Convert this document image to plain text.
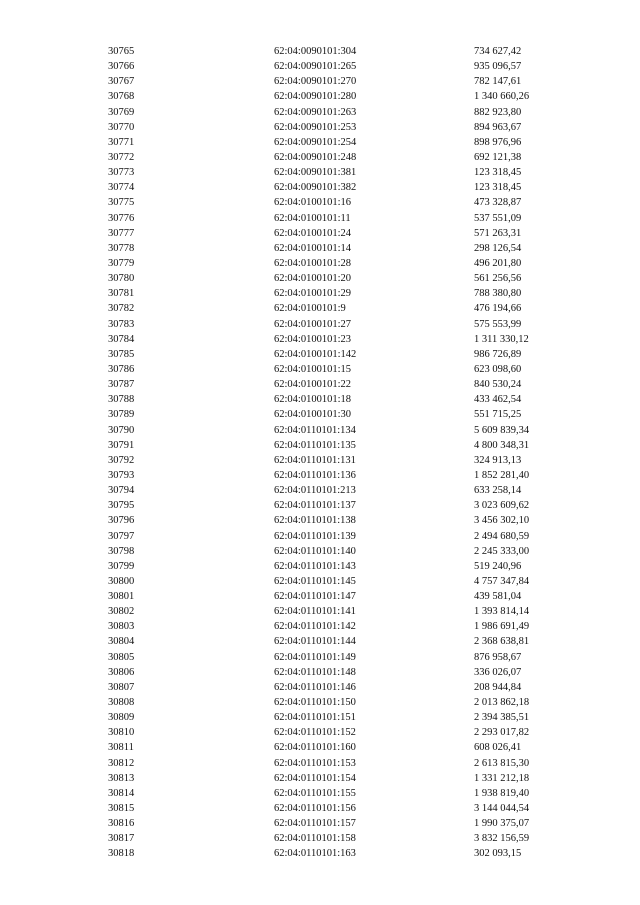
30765	62:04:0090101:304	734 627,42
30766	62:04:0090101:265	935 096,57
30767	62:04:0090101:270	782 147,61
30768	62:04:0090101:280	1 340 660,26
30769	62:04:0090101:263	882 923,80
30770	62:04:0090101:253	894 963,67
30771	62:04:0090101:254	898 976,96
30772	62:04:0090101:248	692 121,38
30773	62:04:0090101:381	123 318,45
30774	62:04:0090101:382	123 318,45
30775	62:04:0100101:16	473 328,87
30776	62:04:0100101:11	537 551,09
30777	62:04:0100101:24	571 263,31
30778	62:04:0100101:14	298 126,54
30779	62:04:0100101:28	496 201,80
30780	62:04:0100101:20	561 256,56
30781	62:04:0100101:29	788 380,80
30782	62:04:0100101:9	476 194,66
30783	62:04:0100101:27	575 553,99
30784	62:04:0100101:23	1 311 330,12
30785	62:04:0100101:142	986 726,89
30786	62:04:0100101:15	623 098,60
30787	62:04:0100101:22	840 530,24
30788	62:04:0100101:18	433 462,54
30789	62:04:0100101:30	551 715,25
30790	62:04:0110101:134	5 609 839,34
30791	62:04:0110101:135	4 800 348,31
30792	62:04:0110101:131	324 913,13
30793	62:04:0110101:136	1 852 281,40
30794	62:04:0110101:213	633 258,14
30795	62:04:0110101:137	3 023 609,62
30796	62:04:0110101:138	3 456 302,10
30797	62:04:0110101:139	2 494 680,59
30798	62:04:0110101:140	2 245 333,00
30799	62:04:0110101:143	519 240,96
30800	62:04:0110101:145	4 757 347,84
30801	62:04:0110101:147	439 581,04
30802	62:04:0110101:141	1 393 814,14
30803	62:04:0110101:142	1 986 691,49
30804	62:04:0110101:144	2 368 638,81
30805	62:04:0110101:149	876 958,67
30806	62:04:0110101:148	336 026,07
30807	62:04:0110101:146	208 944,84
30808	62:04:0110101:150	2 013 862,18
30809	62:04:0110101:151	2 394 385,51
30810	62:04:0110101:152	2 293 017,82
30811	62:04:0110101:160	608 026,41
30812	62:04:0110101:153	2 613 815,30
30813	62:04:0110101:154	1 331 212,18
30814	62:04:0110101:155	1 938 819,40
30815	62:04:0110101:156	3 144 044,54
30816	62:04:0110101:157	1 990 375,07
30817	62:04:0110101:158	3 832 156,59
30818	62:04:0110101:163	302 093,15
